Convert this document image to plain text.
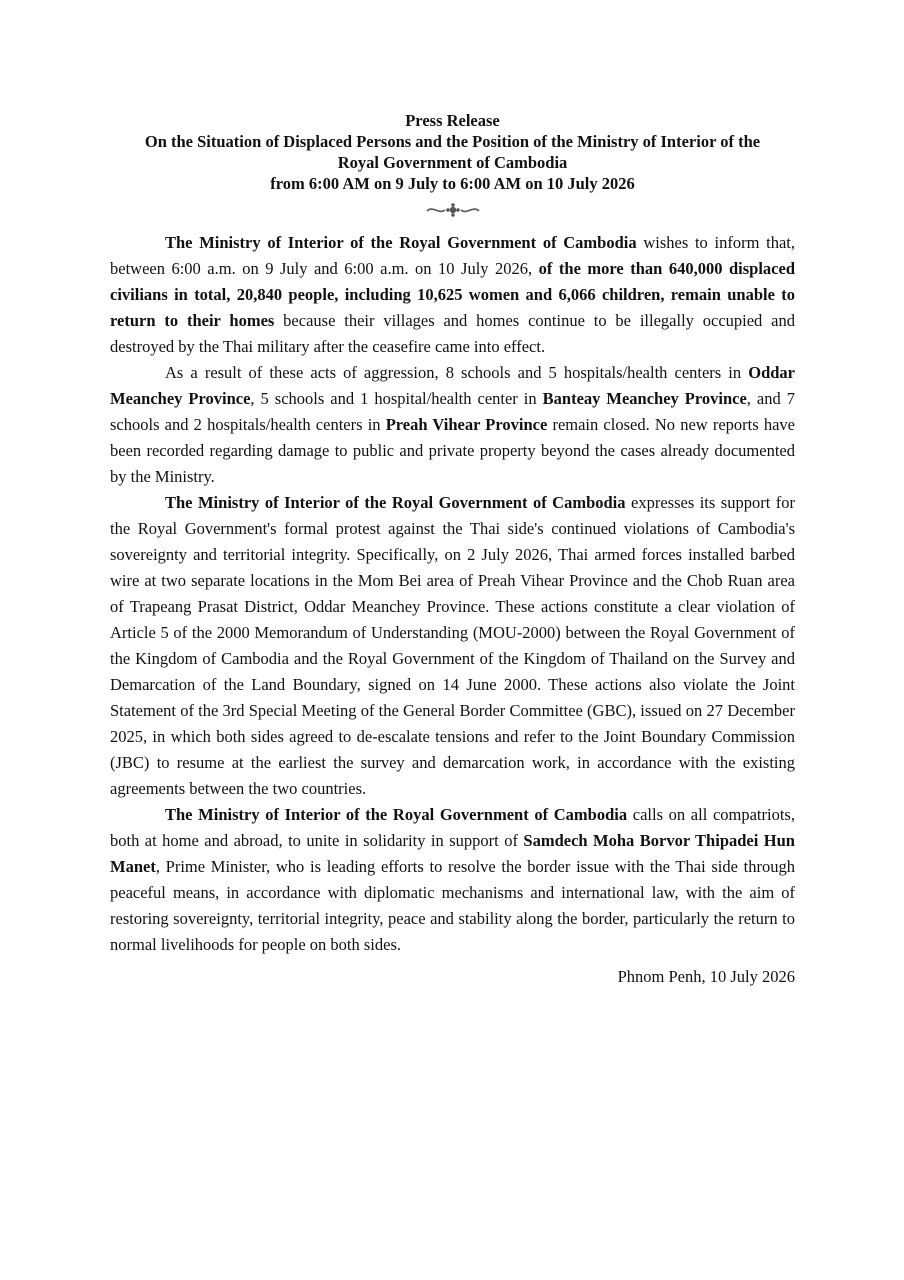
Press Release
On the Situation of Displaced Persons and the Position of the Ministry of Interior of the
Royal Government of Cambodia
from 6:00 AM on 9 July to 6:00 AM on 10 July 2026

The Ministry of Interior of the Royal Government of Cambodia wishes to inform that, between 6:00 a.m. on 9 July and 6:00 a.m. on 10 July 2026, of the more than 640,000 displaced civilians in total, 20,840 people, including 10,625 women and 6,066 children, remain unable to return to their homes because their villages and homes continue to be illegally occupied and destroyed by the Thai military after the ceasefire came into effect.

As a result of these acts of aggression, 8 schools and 5 hospitals/health centers in Oddar Meanchey Province, 5 schools and 1 hospital/health center in Banteay Meanchey Province, and 7 schools and 2 hospitals/health centers in Preah Vihear Province remain closed. No new reports have been recorded regarding damage to public and private property beyond the cases already documented by the Ministry.

The Ministry of Interior of the Royal Government of Cambodia expresses its support for the Royal Government's formal protest against the Thai side's continued violations of Cambodia's sovereignty and territorial integrity. Specifically, on 2 July 2026, Thai armed forces installed barbed wire at two separate locations in the Mom Bei area of Preah Vihear Province and the Chob Ruan area of Trapeang Prasat District, Oddar Meanchey Province. These actions constitute a clear violation of Article 5 of the 2000 Memorandum of Understanding (MOU-2000) between the Royal Government of the Kingdom of Cambodia and the Royal Government of the Kingdom of Thailand on the Survey and Demarcation of the Land Boundary, signed on 14 June 2000. These actions also violate the Joint Statement of the 3rd Special Meeting of the General Border Committee (GBC), issued on 27 December 2025, in which both sides agreed to de-escalate tensions and refer to the Joint Boundary Commission (JBC) to resume at the earliest the survey and demarcation work, in accordance with the existing agreements between the two countries.

The Ministry of Interior of the Royal Government of Cambodia calls on all compatriots, both at home and abroad, to unite in solidarity in support of Samdech Moha Borvor Thipadei Hun Manet, Prime Minister, who is leading efforts to resolve the border issue with the Thai side through peaceful means, in accordance with diplomatic mechanisms and international law, with the aim of restoring sovereignty, territorial integrity, peace and stability along the border, particularly the return to normal livelihoods for people on both sides.

Phnom Penh, 10 July 2026
